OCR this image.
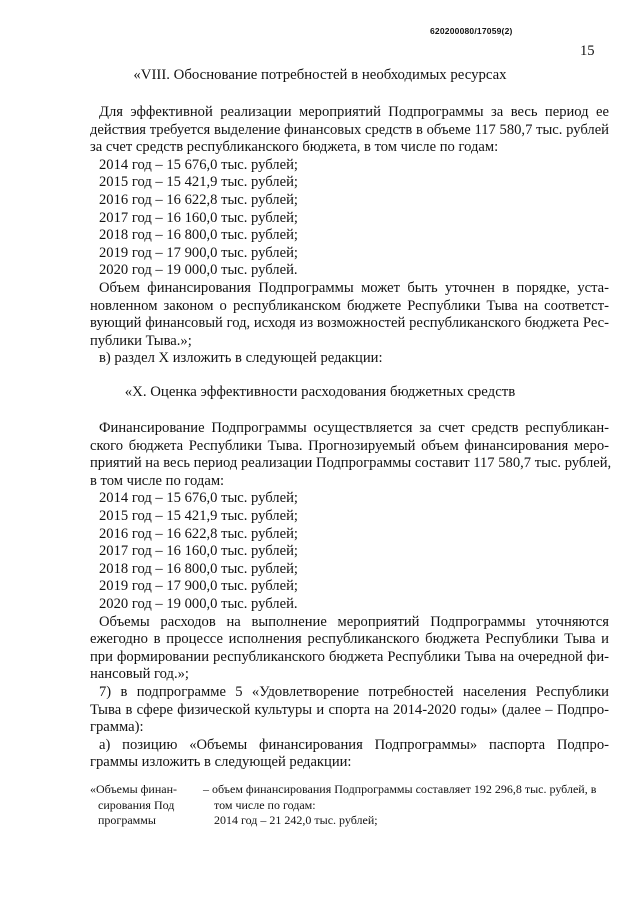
620200080/17059(2)
15
«VIII. Обоснование потребностей в необходимых ресурсах
Для эффективной реализации мероприятий Подпрограммы за весь период ее
действия требуется выделение финансовых средств в объеме 117 580,7 тыс. рублей
за счет средств республиканского бюджета, в том числе по годам:
2014 год – 15 676,0 тыс. рублей;
2015 год – 15 421,9 тыс. рублей;
2016 год – 16 622,8 тыс. рублей;
2017 год – 16 160,0 тыс. рублей;
2018 год – 16 800,0 тыс. рублей;
2019 год – 17 900,0 тыс. рублей;
2020 год – 19 000,0 тыс. рублей.
Объем финансирования Подпрограммы может быть уточнен в порядке, уста-
новленном законом о республиканском бюджете Республики Тыва на соответст-
вующий финансовый год, исходя из возможностей республиканского бюджета Рес-
публики Тыва.»;
в) раздел X изложить в следующей редакции:
«X. Оценка эффективности расходования бюджетных средств
Финансирование Подпрограммы осуществляется за счет средств республикан-
ского бюджета Республики Тыва. Прогнозируемый объем финансирования меро-
приятий на весь период реализации Подпрограммы составит 117 580,7 тыс. рублей,
в том числе по годам:
2014 год – 15 676,0 тыс. рублей;
2015 год – 15 421,9 тыс. рублей;
2016 год – 16 622,8 тыс. рублей;
2017 год – 16 160,0 тыс. рублей;
2018 год – 16 800,0 тыс. рублей;
2019 год – 17 900,0 тыс. рублей;
2020 год – 19 000,0 тыс. рублей.
Объемы расходов на выполнение мероприятий Подпрограммы уточняются
ежегодно в процессе исполнения республиканского бюджета Республики Тыва и
при формировании республиканского бюджета Республики Тыва на очередной фи-
нансовый год.»;
7) в подпрограмме 5 «Удовлетворение потребностей населения Республики
Тыва в сфере физической культуры и спорта на 2014-2020 годы» (далее – Подпро-
грамма):
а) позицию «Объемы финансирования Подпрограммы» паспорта Подпро-
граммы изложить в следующей редакции:
«Объемы финан- – объем финансирования Подпрограммы составляет 192 296,8 тыс. рублей, в
сирования Под	том числе по годам:
программы	2014 год – 21 242,0 тыс. рублей;
